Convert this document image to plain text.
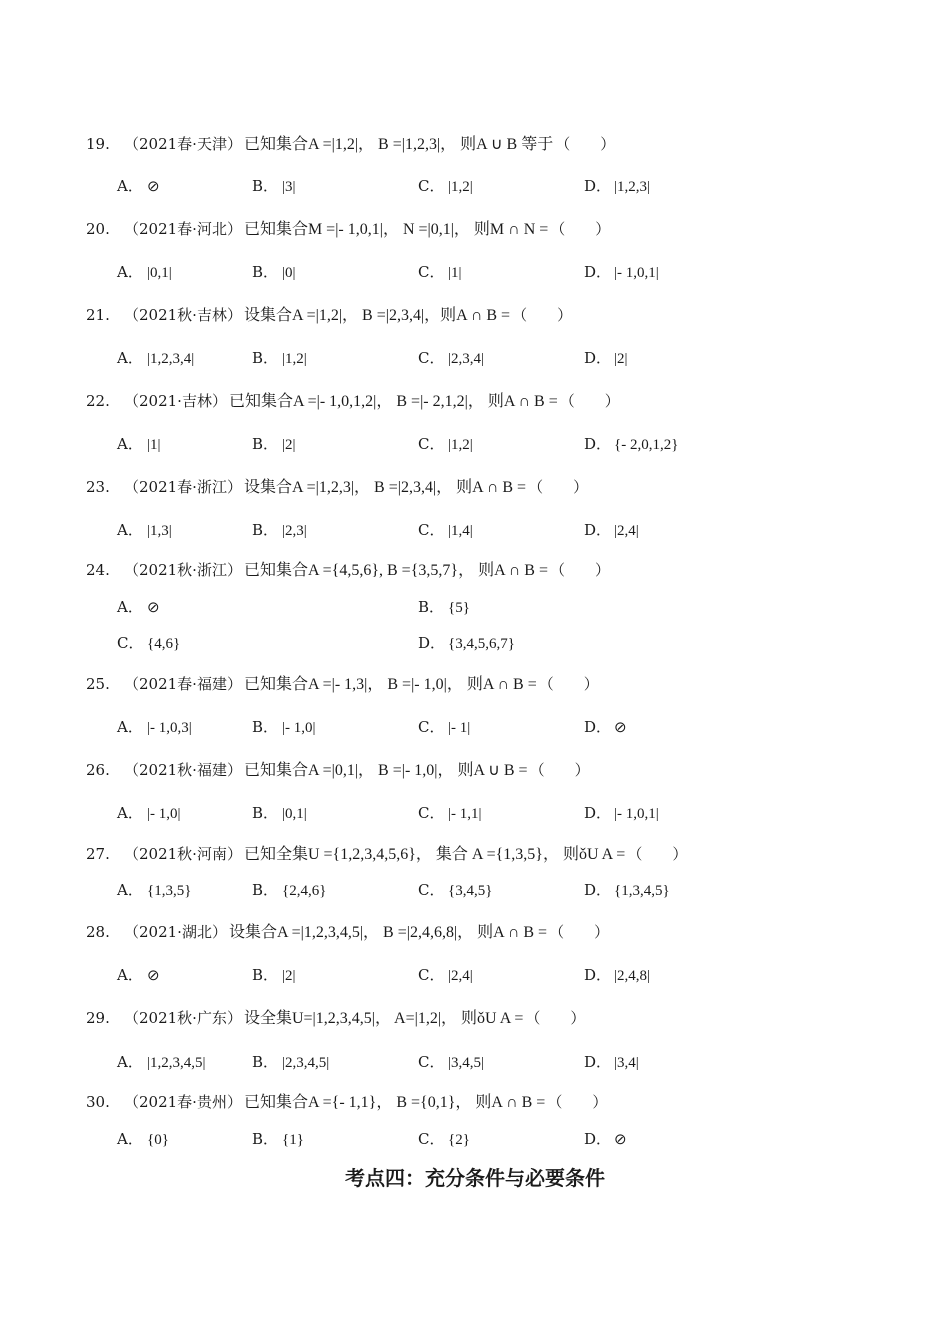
19. （2021春·天津） 已知集合A =|1,2|， B =|1,2,3|， 则A ∪ B 等于 （　　）
A． ⊘	B． |3|	C． |1,2|	D． |1,2,3|
20. （2021春·河北） 已知集合M =|- 1,0,1|， N =|0,1|， 则M ∩ N = （　　）
A． |0,1|	B． |0|	C． |1|	D． |- 1,0,1|
21. （2021秋·吉林） 设集合A =|1,2|， B =|2,3,4|，则A ∩ B = （　　）
A． |1,2,3,4|	B． |1,2|	C． |2,3,4|	D． |2|
22. （2021·吉林） 已知集合A =|- 1,0,1,2|， B =|- 2,1,2|， 则A ∩ B = （　　）
A． |1|	B． |2|	C． |1,2|	D． {- 2,0,1,2}
23. （2021春·浙江） 设集合A =|1,2,3|， B =|2,3,4|， 则A ∩ B = （　　）
A． |1,3|	B． |2,3|	C． |1,4|	D． |2,4|
24. （2021秋·浙江） 已知集合A ={4,5,6}, B ={3,5,7}， 则A ∩ B = （　　）
A． ⊘	B． {5}
C． {4,6}	D． {3,4,5,6,7}
25. （2021春·福建） 已知集合A =|- 1,3|， B =|- 1,0|， 则A ∩ B = （　　）
A． |- 1,0,3|	B． |- 1,0|	C． |- 1|	D． ⊘
26. （2021秋·福建） 已知集合A =|0,1|， B =|- 1,0|， 则A ∪ B = （　　）
A． |- 1,0|	B． |0,1|	C． |- 1,1|	D． |- 1,0,1|
27. （2021秋·河南） 已知全集U ={1,2,3,4,5,6}， 集合 A ={1,3,5}， 则ǒU A = （　　）
A． {1,3,5}	B． {2,4,6}	C． {3,4,5}	D． {1,3,4,5}
28. （2021·湖北） 设集合A =|1,2,3,4,5|， B =|2,4,6,8|， 则A ∩ B = （　　）
A． ⊘	B． |2|	C． |2,4|	D． |2,4,8|
29. （2021秋·广东） 设全集U=|1,2,3,4,5|， A=|1,2|， 则ǒU A = （　　）
A． |1,2,3,4,5|	B． |2,3,4,5|	C． |3,4,5|	D． |3,4|
30. （2021春·贵州） 已知集合A ={- 1,1}， B ={0,1}， 则A ∩ B = （　　）
A． {0}	B． {1}	C． {2}	D． ⊘
考点四：充分条件与必要条件
